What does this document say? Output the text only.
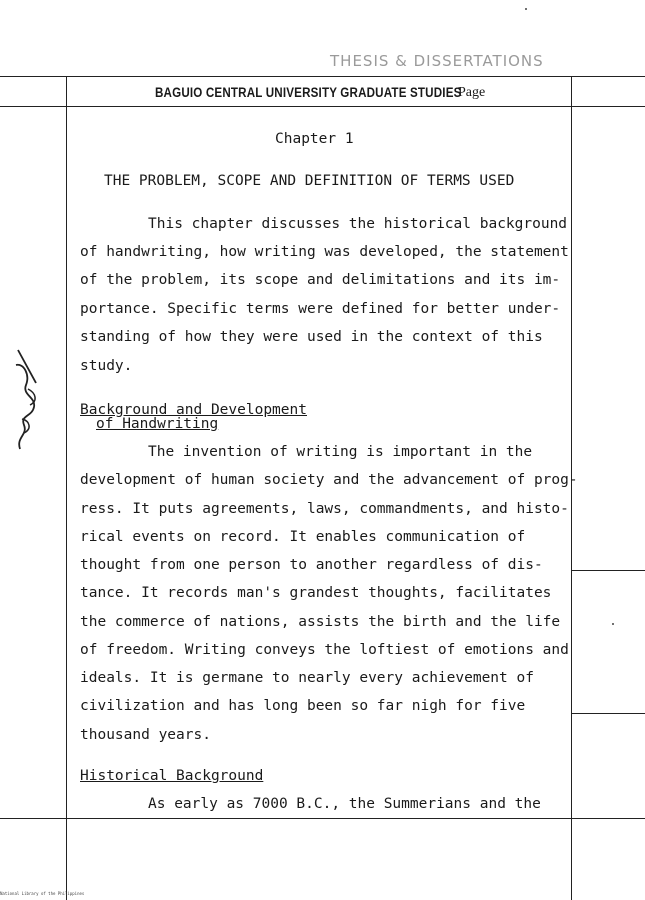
THESIS & DISSERTATIONS
BAGUIO CENTRAL UNIVERSITY GRADUATE STUDIES
Page
Chapter 1
THE PROBLEM, SCOPE AND DEFINITION OF TERMS USED
This chapter discusses the historical background
of handwriting, how writing was developed, the statement
of the problem, its scope and delimitations and its im-
portance. Specific terms were defined for better under-
standing of how they were used in the context of this
study.
Background and Development
of Handwriting
The invention of writing is important in the
development of human society and the advancement of prog-
ress. It puts agreements, laws, commandments, and histo-
rical events on record. It enables communication of
thought from one person to another regardless of dis-
tance. It records man's grandest thoughts, facilitates
the commerce of nations, assists the birth and the life
of freedom. Writing conveys the loftiest of emotions and
ideals. It is germane to nearly every achievement of
civilization and has long been so far nigh for five
thousand years.
Historical Background
As early as 7000 B.C., the Summerians and the
National Library of the Philippines
